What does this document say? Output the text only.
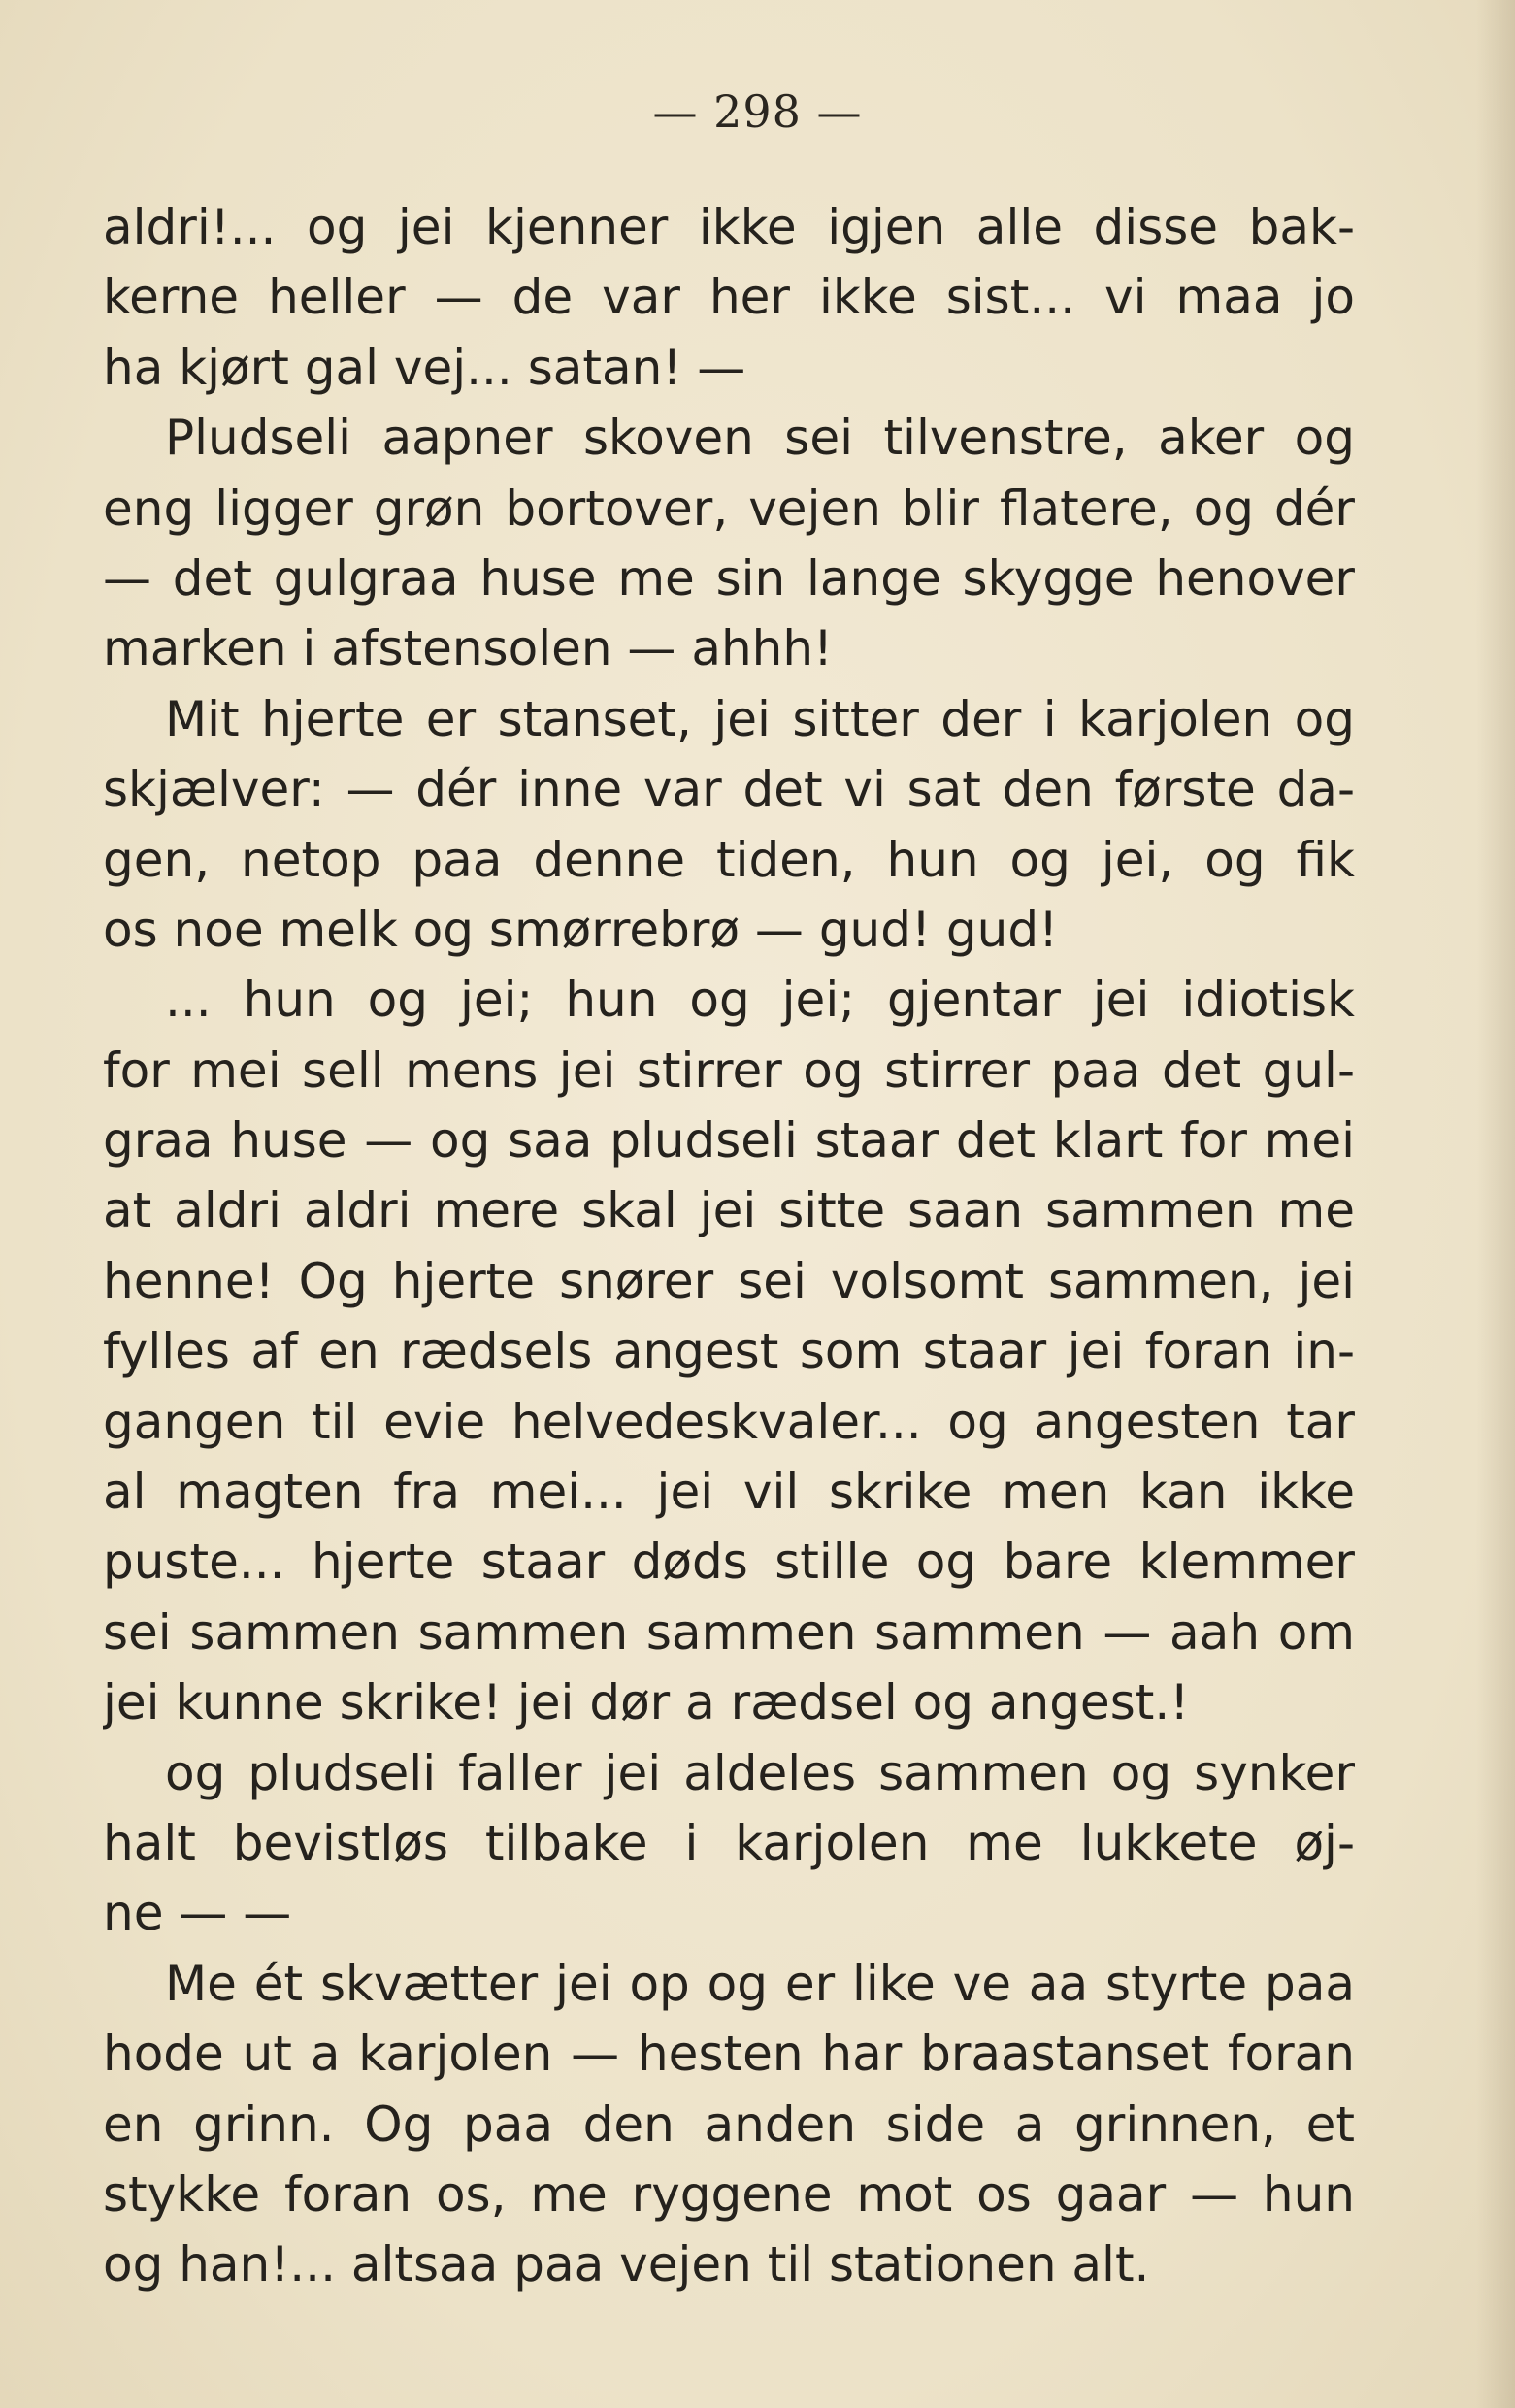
— 298 —
aldri!... og jei kjenner ikke igjen alle disse bak-
kerne heller — de var her ikke sist... vi maa jo
ha kjørt gal vej... satan! —
Pludseli aapner skoven sei tilvenstre, aker og
eng ligger grøn bortover, vejen blir flatere, og dér
— det gulgraa huse me sin lange skygge henover
marken i afstensolen — ahhh!
Mit hjerte er stanset, jei sitter der i karjolen og
skjælver: — dér inne var det vi sat den første da-
gen, netop paa denne tiden, hun og jei, og fik
os noe melk og smørrebrø — gud! gud!
... hun og jei; hun og jei; gjentar jei idiotisk
for mei sell mens jei stirrer og stirrer paa det gul-
graa huse — og saa pludseli staar det klart for mei
at aldri aldri mere skal jei sitte saan sammen me
henne! Og hjerte snører sei volsomt sammen, jei
fylles af en rædsels angest som staar jei foran in-
gangen til evie helvedeskvaler... og angesten tar
al magten fra mei... jei vil skrike men kan ikke
puste... hjerte staar døds stille og bare klemmer
sei sammen sammen sammen sammen — aah om
jei kunne skrike! jei dør a rædsel og angest.!
og pludseli faller jei aldeles sammen og synker
halt bevistløs tilbake i karjolen me lukkete øj-
ne — —
Me ét skvætter jei op og er like ve aa styrte paa
hode ut a karjolen — hesten har braastanset foran
en grinn. Og paa den anden side a grinnen, et
stykke foran os, me ryggene mot os gaar — hun
og han!... altsaa paa vejen til stationen alt.
